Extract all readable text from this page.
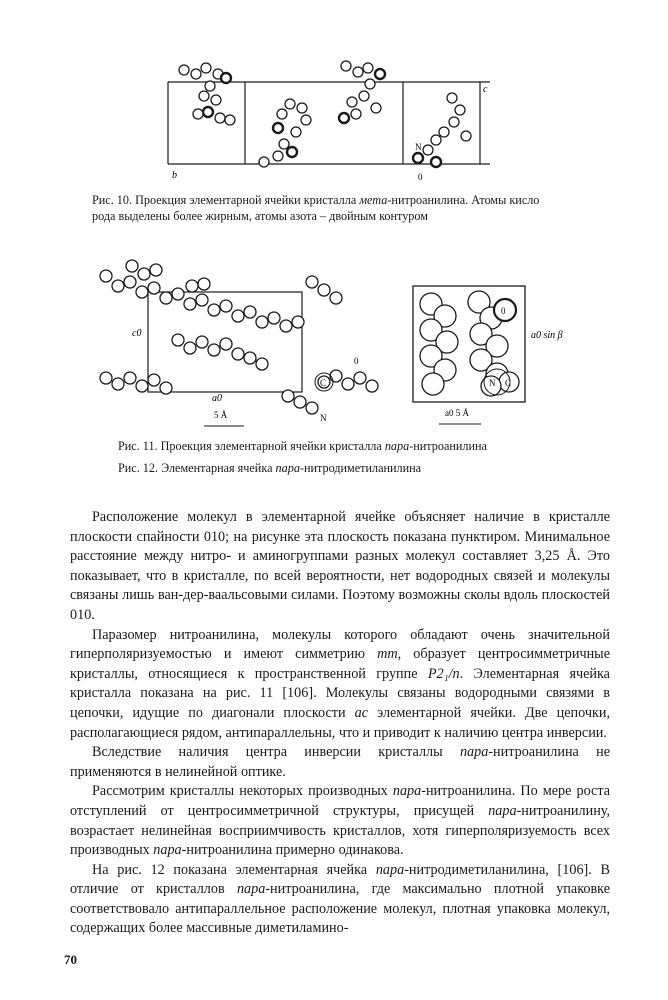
c
b	0
N
Рис. 10. Проекция элементарной ячейки кристалла мета-нитроанилина. Атомы кисло
рода выделены более жирным, атомы азота – двойным контуром
C
0
N
c0
a0
5 Å
0
N C
a0 sin β
a0 5 Å
Рис. 11. Проекция элементарной ячейки кристалла пара-нитроанилина
Рис. 12. Элементарная ячейка пара-нитродиметиланилина

Расположение молекул в элементарной ячейке объясняет наличие в кристалле плоскости спайности 010; на рисунке эта плоскость показана пунктиром. Минимальное расстояние между нитро- и аминогруппами разных молекул составляет 3,25 Å. Это показывает, что в кристалле, по всей вероятности, нет водородных связей и молекулы связаны лишь ван-дер-ваальсовыми силами. Поэтому возможны сколы вдоль плоскостей 010.

Паразомер нитроанилина, молекулы которого обладают очень значительной гиперполяризуемостью и имеют симметрию mm, образует центросимметричные кристаллы, относящиеся к пространственной группе P2₁/n. Элементарная ячейка кристалла показана на рис. 11 [106]. Молекулы связаны водородными связями в цепочки, идущие по диагонали плоскости ac элементарной ячейки. Две цепочки, располагающиеся рядом, антипараллельны, что и приводит к наличию центра инверсии.

Вследствие наличия центра инверсии кристаллы пара-нитроанилина не применяются в нелинейной оптике.

Рассмотрим кристаллы некоторых производных пара-нитроанилина. По мере роста отступлений от центросимметричной структуры, присущей пара-нитроанилину, возрастает нелинейная восприимчивость кристаллов, хотя гиперполяризуемость всех производных пара-нитроанилина примерно одинакова.

На рис. 12 показана элементарная ячейка пара-нитродиметиланилина, [106]. В отличие от кристаллов пара-нитроанилина, где максимально плотной упаковке соответствовало антипараллельное расположение молекул, плотная упаковка молекул, содержащих более массивные диметиламино-

70
